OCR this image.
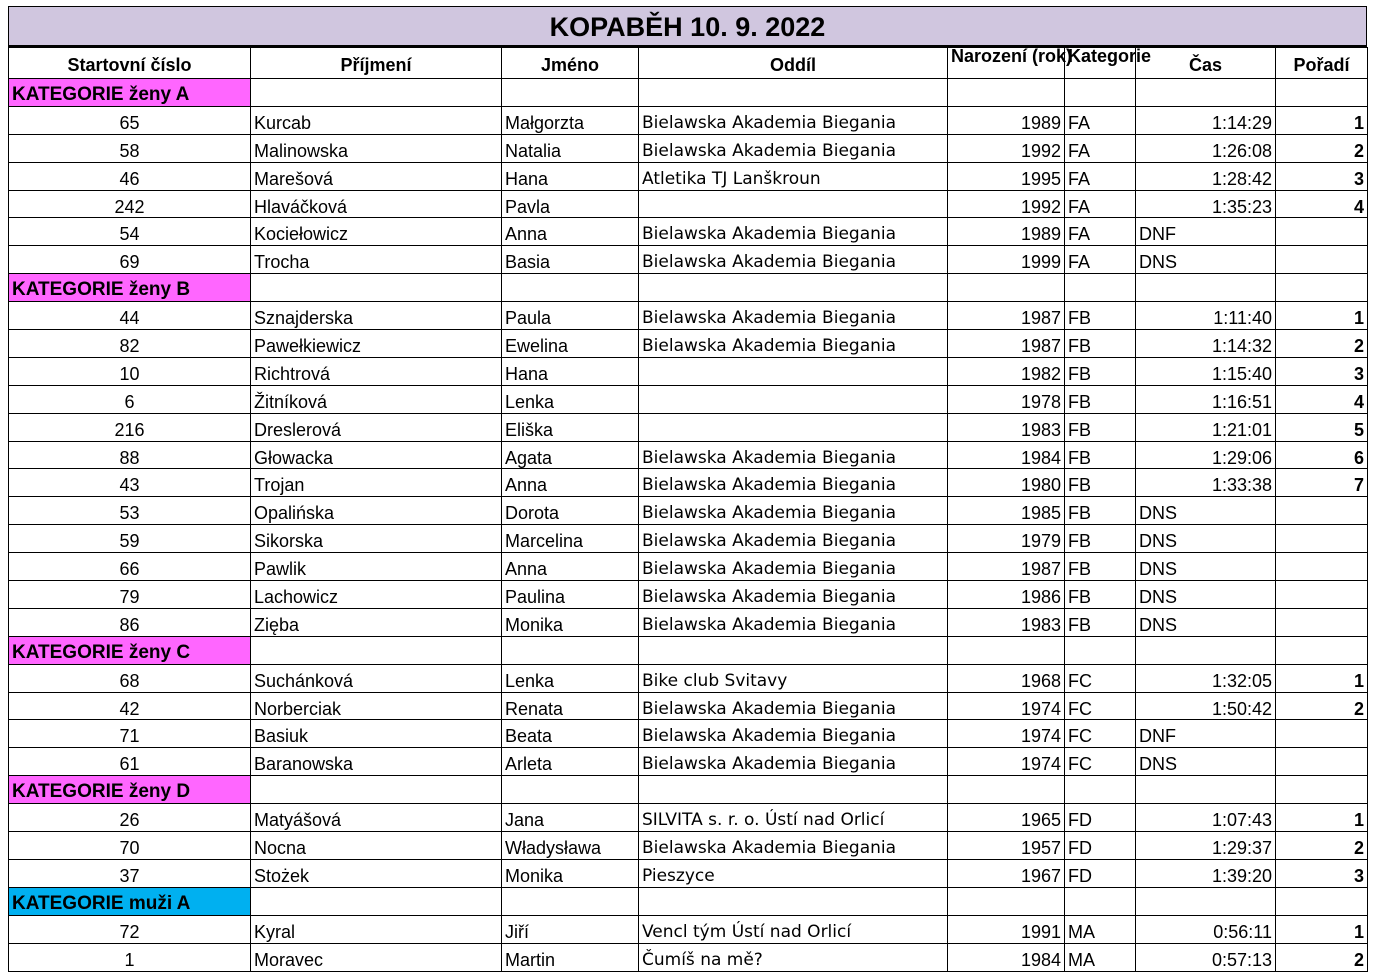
KOPABĚH 10. 9. 2022
Startovní číslo	Příjmení	Jméno	Oddíl	Narození (rok)	Kategorie	Čas	Pořadí
KATEGORIE ženy A							
65	Kurcab	Małgorzta	Bielawska Akademia Biegania	1989	FA	1:14:29	1
58	Malinowska	Natalia	Bielawska Akademia Biegania	1992	FA	1:26:08	2
46	Marešová	Hana	Atletika TJ Lanškroun	1995	FA	1:28:42	3
242	Hlaváčková	Pavla		1992	FA	1:35:23	4
54	Kociełowicz	Anna	Bielawska Akademia Biegania	1989	FA	DNF	
69	Trocha	Basia	Bielawska Akademia Biegania	1999	FA	DNS	
KATEGORIE ženy B							
44	Sznajderska	Paula	Bielawska Akademia Biegania	1987	FB	1:11:40	1
82	Pawełkiewicz	Ewelina	Bielawska Akademia Biegania	1987	FB	1:14:32	2
10	Richtrová	Hana		1982	FB	1:15:40	3
6	Žitníková	Lenka		1978	FB	1:16:51	4
216	Dreslerová	Eliška		1983	FB	1:21:01	5
88	Głowacka	Agata	Bielawska Akademia Biegania	1984	FB	1:29:06	6
43	Trojan	Anna	Bielawska Akademia Biegania	1980	FB	1:33:38	7
53	Opalińska	Dorota	Bielawska Akademia Biegania	1985	FB	DNS	
59	Sikorska	Marcelina	Bielawska Akademia Biegania	1979	FB	DNS	
66	Pawlik	Anna	Bielawska Akademia Biegania	1987	FB	DNS	
79	Lachowicz	Paulina	Bielawska Akademia Biegania	1986	FB	DNS	
86	Zięba	Monika	Bielawska Akademia Biegania	1983	FB	DNS	
KATEGORIE ženy C							
68	Suchánková	Lenka	Bike club Svitavy	1968	FC	1:32:05	1
42	Norberciak	Renata	Bielawska Akademia Biegania	1974	FC	1:50:42	2
71	Basiuk	Beata	Bielawska Akademia Biegania	1974	FC	DNF	
61	Baranowska	Arleta	Bielawska Akademia Biegania	1974	FC	DNS	
KATEGORIE ženy D							
26	Matyášová	Jana	SILVITA s. r. o. Ústí nad Orlicí	1965	FD	1:07:43	1
70	Nocna	Władysława	Bielawska Akademia Biegania	1957	FD	1:29:37	2
37	Stożek	Monika	Pieszyce	1967	FD	1:39:20	3
KATEGORIE muži A							
72	Kyral	Jiří	Vencl tým Ústí nad Orlicí	1991	MA	0:56:11	1
1	Moravec	Martin	Čumíš na mě?	1984	MA	0:57:13	2
